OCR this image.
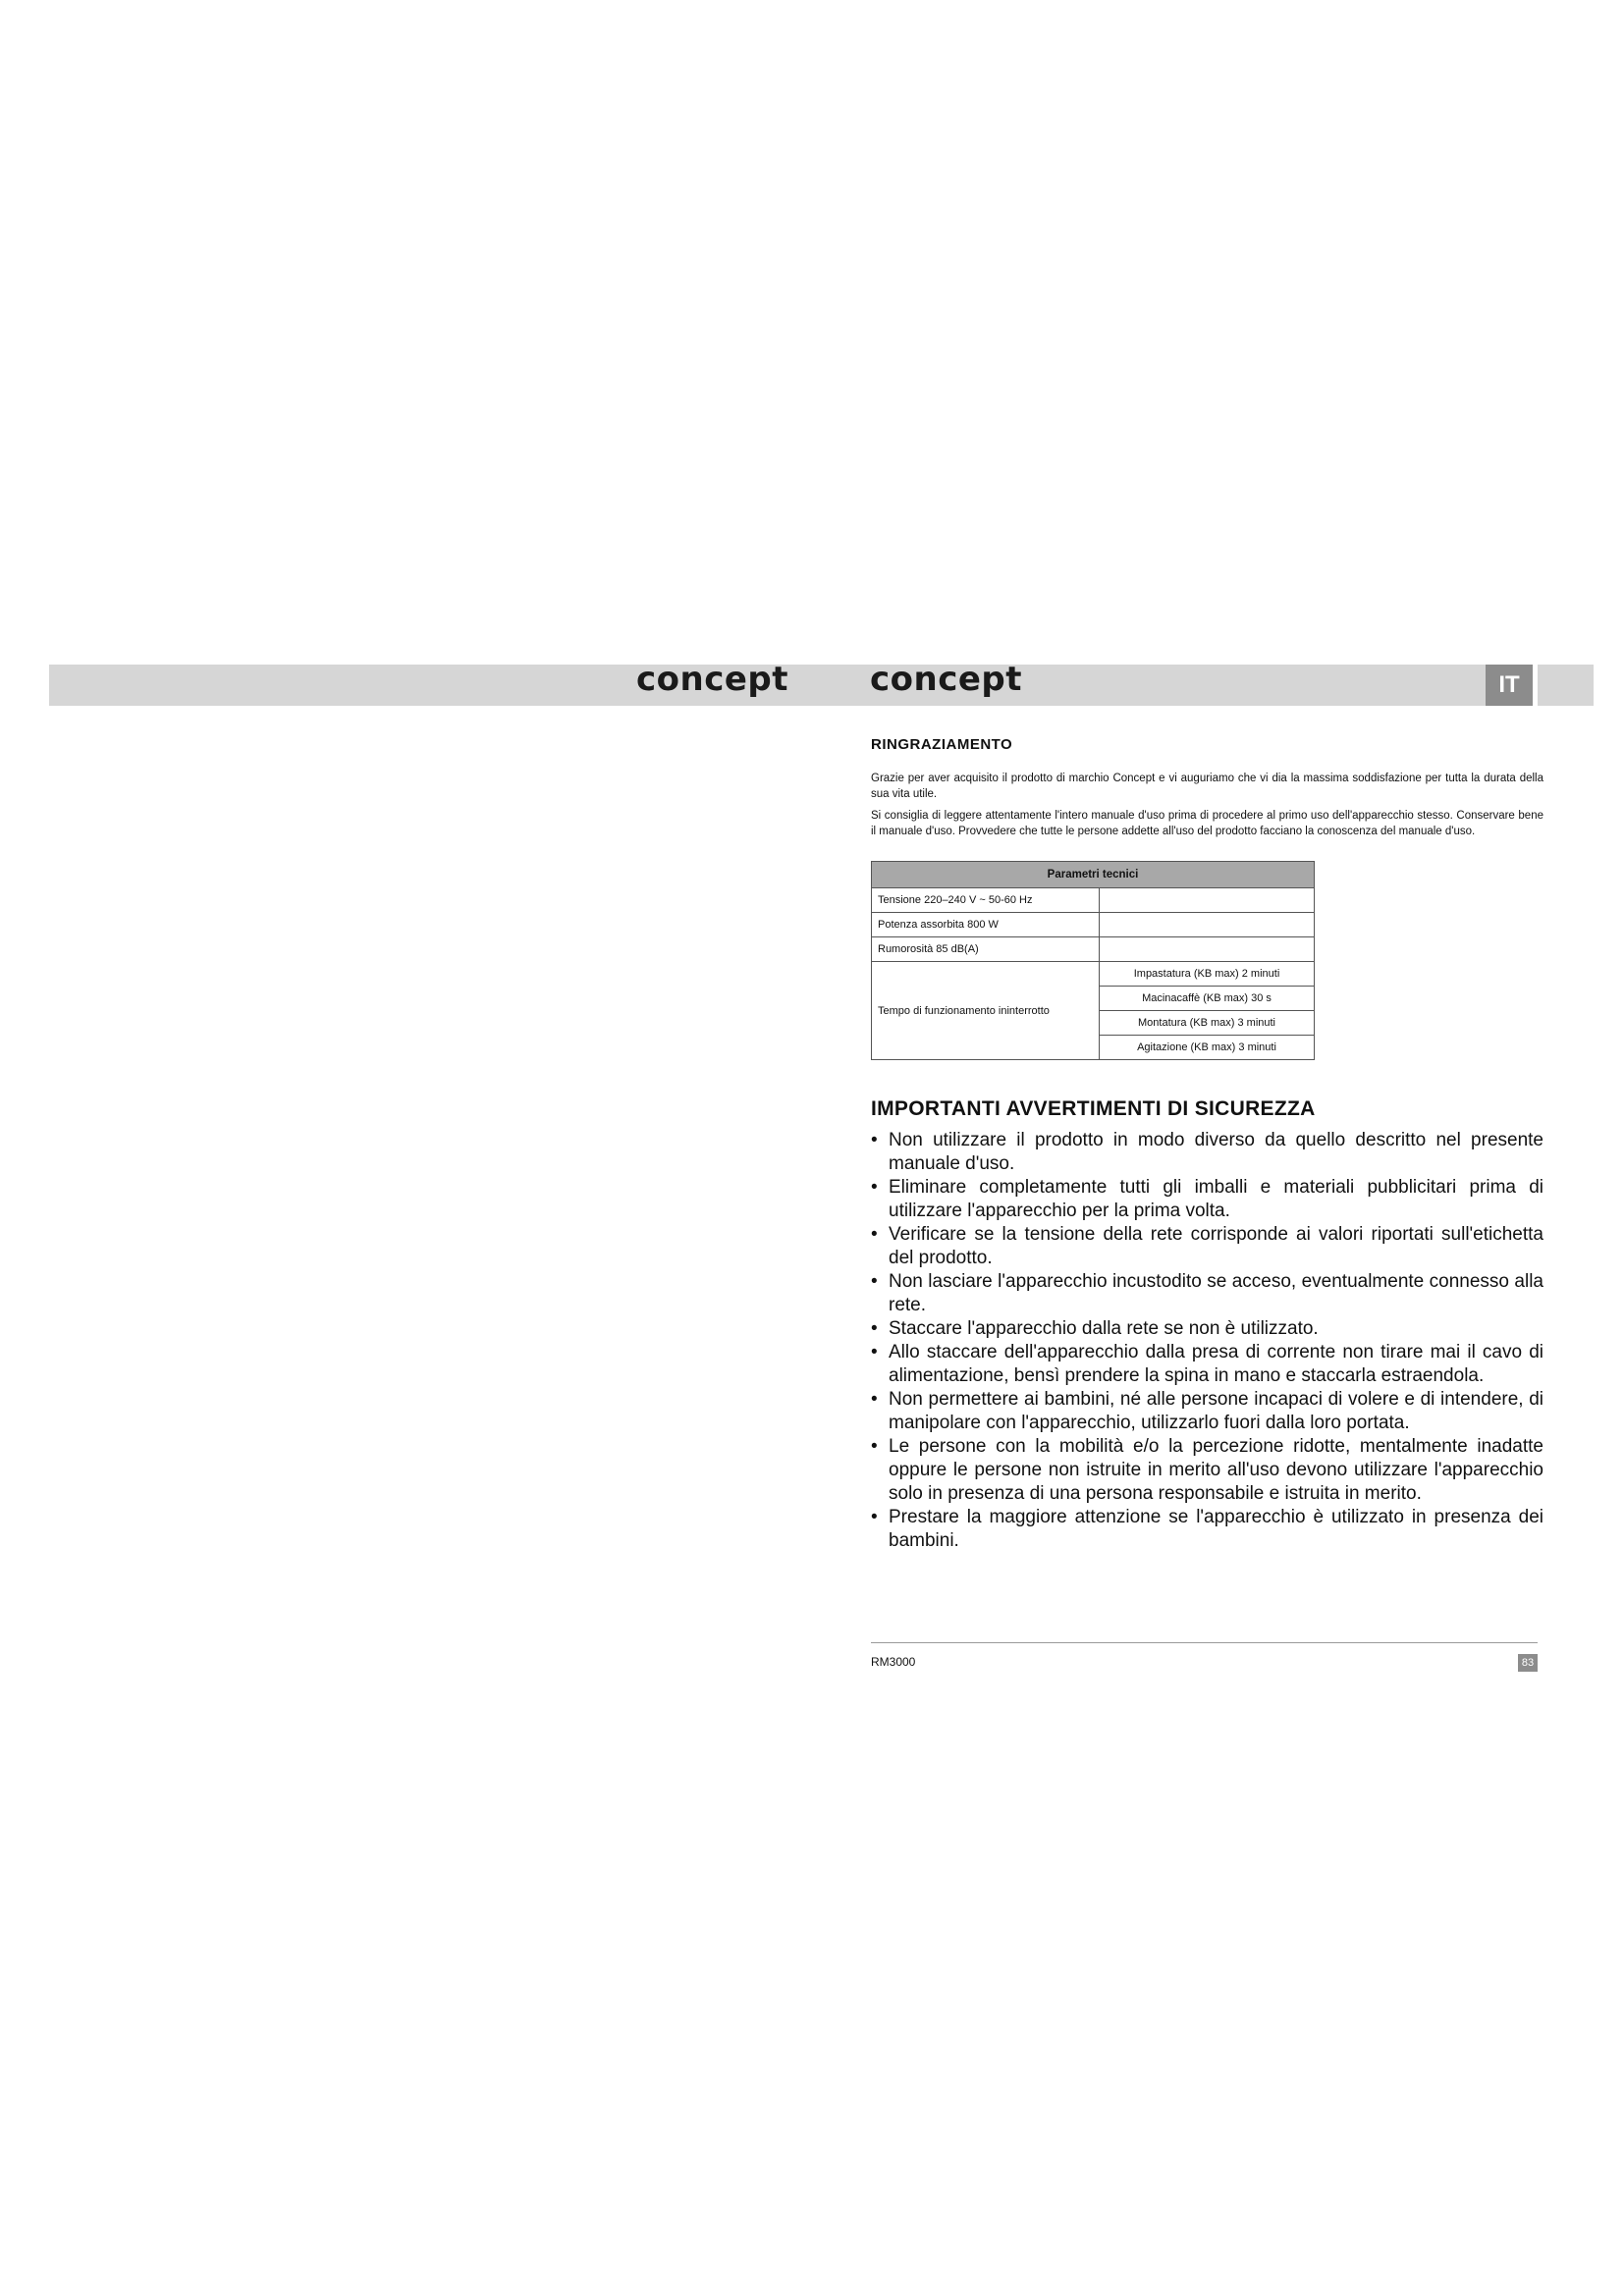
concept concept	IT
RINGRAZIAMENTO

Grazie per aver acquisito il prodotto di marchio Concept e vi auguriamo che vi dia la massima soddisfazione per tutta la durata della sua vita utile.

Si consiglia di leggere attentamente l'intero manuale d'uso prima di procedere al primo uso dell'apparecchio stesso. Conservare bene il manuale d'uso. Provvedere che tutte le persone addette all'uso del prodotto facciano la conoscenza del manuale d'uso.

Parametri tecnici	
Tensione 220–240 V ~ 50-60 Hz	
Potenza assorbita 800 W	
Rumorosità 85 dB(A)	
Tempo di funzionamento ininterrotto	Impastatura (KB max) 2 minuti
	Macinacaffè (KB max) 30 s
	Montatura (KB max) 3 minuti
	Agitazione (KB max) 3 minuti
IMPORTANTI AVVERTIMENTI DI SICUREZZA
• Non utilizzare il prodotto in modo diverso da quello descritto nel presente manuale d'uso.
• Eliminare completamente tutti gli imballi e materiali pubblicitari prima di utilizzare l'apparecchio per la prima volta.
• Verificare se la tensione della rete corrisponde ai valori riportati sull'etichetta del prodotto.
• Non lasciare l'apparecchio incustodito se acceso, eventualmente connesso alla rete.
• Staccare l'apparecchio dalla rete se non è utilizzato.
• Allo staccare dell'apparecchio dalla presa di corrente non tirare mai il cavo di alimentazione, bensì prendere la spina in mano e staccarla estraendola.
• Non permettere ai bambini, né alle persone incapaci di volere e di intendere, di manipolare con l'apparecchio, utilizzarlo fuori dalla loro portata.
• Le persone con la mobilità e/o la percezione ridotte, mentalmente inadatte oppure le persone non istruite in merito all'uso devono utilizzare l'apparecchio solo in presenza di una persona responsabile e istruita in merito.
• Prestare la maggiore attenzione se l'apparecchio è utilizzato in presenza dei bambini.
RM3000	83
